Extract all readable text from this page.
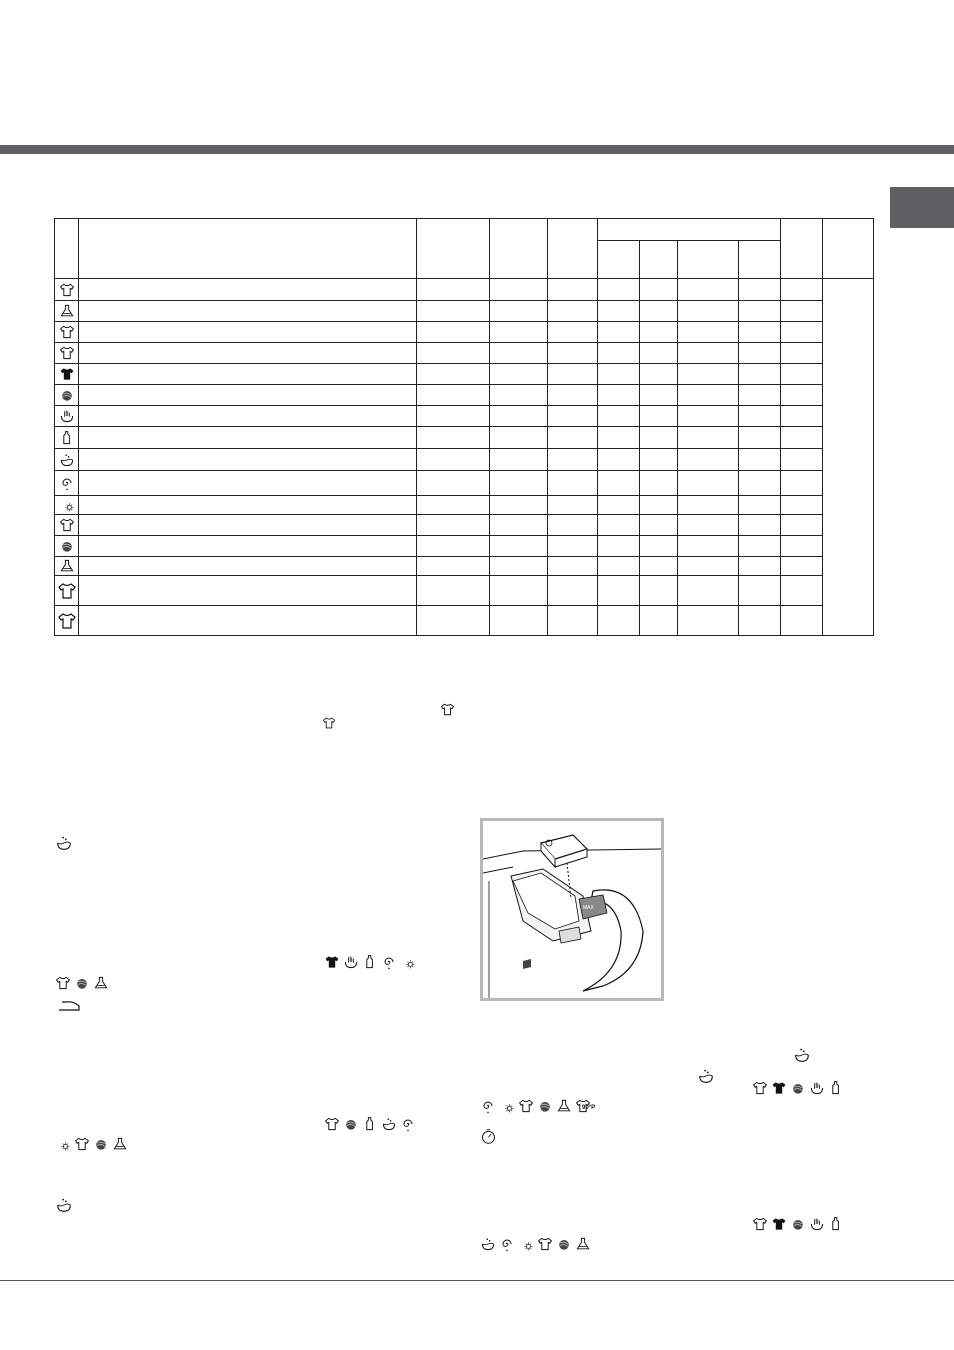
MAX
90°P
